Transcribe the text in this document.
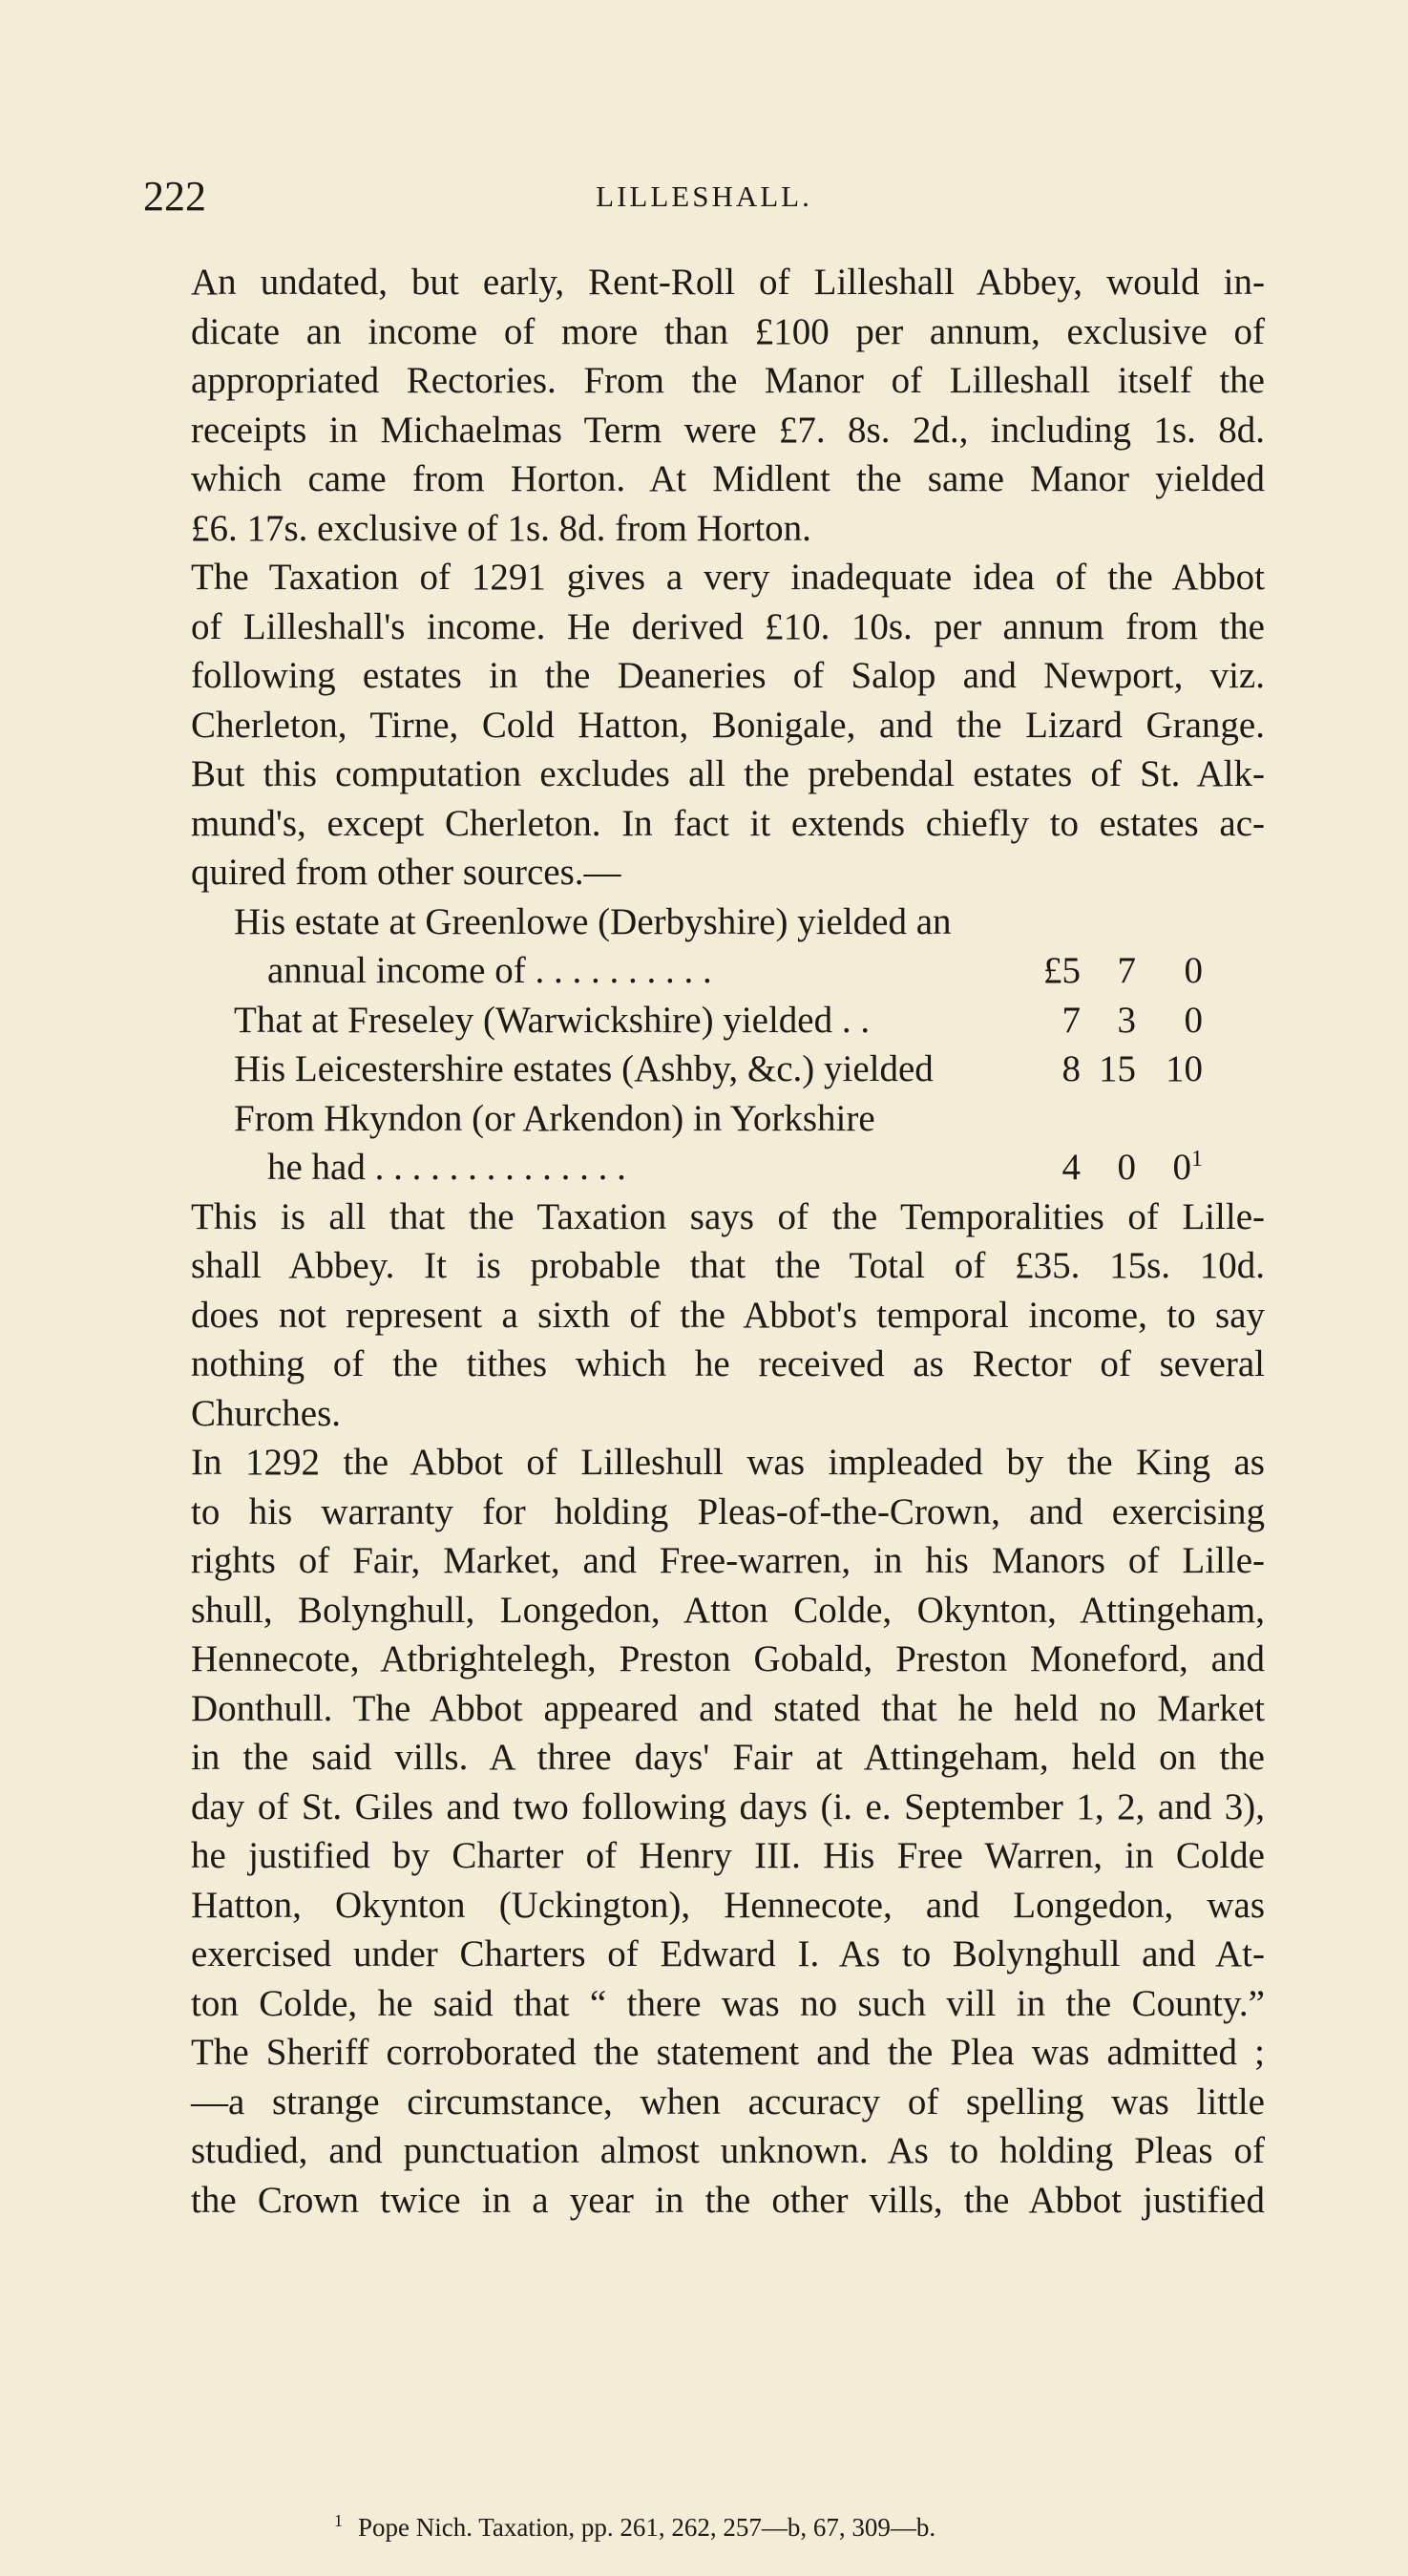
222	LILLESHALL.

An undated, but early, Rent-Roll of Lilleshall Abbey, would in-

dicate an income of more than £100 per annum, exclusive of

appropriated Rectories. From the Manor of Lilleshall itself the

receipts in Michaelmas Term were £7. 8s. 2d., including 1s. 8d.

which came from Horton. At Midlent the same Manor yielded

£6. 17s. exclusive of 1s. 8d. from Horton.

The Taxation of 1291 gives a very inadequate idea of the Abbot

of Lilleshall's income. He derived £10. 10s. per annum from the

following estates in the Deaneries of Salop and Newport, viz.

Cherleton, Tirne, Cold Hatton, Bonigale, and the Lizard Grange.

But this computation excludes all the prebendal estates of St. Alk-

mund's, except Cherleton. In fact it extends chiefly to estates ac-

quired from other sources.—

His estate at Greenlowe (Derbyshire) yielded an
annual income of . . . . . . . . . .	£5 7	0
That at Freseley (Warwickshire) yielded . .	7 3	0
His Leicestershire estates (Ashby, &c.) yielded	8 15 10
From Hkyndon (or Arkendon) in Yorkshire
he had . . . . . . . . . . . . . .	4 0 0$^1$

This is all that the Taxation says of the Temporalities of Lille-

shall Abbey. It is probable that the Total of £35. 15s. 10d.

does not represent a sixth of the Abbot's temporal income, to say

nothing of the tithes which he received as Rector of several

Churches.

In 1292 the Abbot of Lilleshull was impleaded by the King as

to his warranty for holding Pleas-of-the-Crown, and exercising

rights of Fair, Market, and Free-warren, in his Manors of Lille-

shull, Bolynghull, Longedon, Atton Colde, Okynton, Attingeham,

Hennecote, Atbrightelegh, Preston Gobald, Preston Moneford, and

Donthull. The Abbot appeared and stated that he held no Market

in the said vills. A three days' Fair at Attingeham, held on the

day of St. Giles and two following days (i. e. September 1, 2, and 3),

he justified by Charter of Henry III. His Free Warren, in Colde

Hatton, Okynton (Uckington), Hennecote, and Longedon, was

exercised under Charters of Edward I. As to Bolynghull and At-

ton Colde, he said that “ there was no such vill in the County.”

The Sheriff corroborated the statement and the Plea was admitted ;

—a strange circumstance, when accuracy of spelling was little

studied, and punctuation almost unknown. As to holding Pleas of

the Crown twice in a year in the other vills, the Abbot justified

$^1$ Pope Nich. Taxation, pp. 261, 262, 257—b, 67, 309—b.
